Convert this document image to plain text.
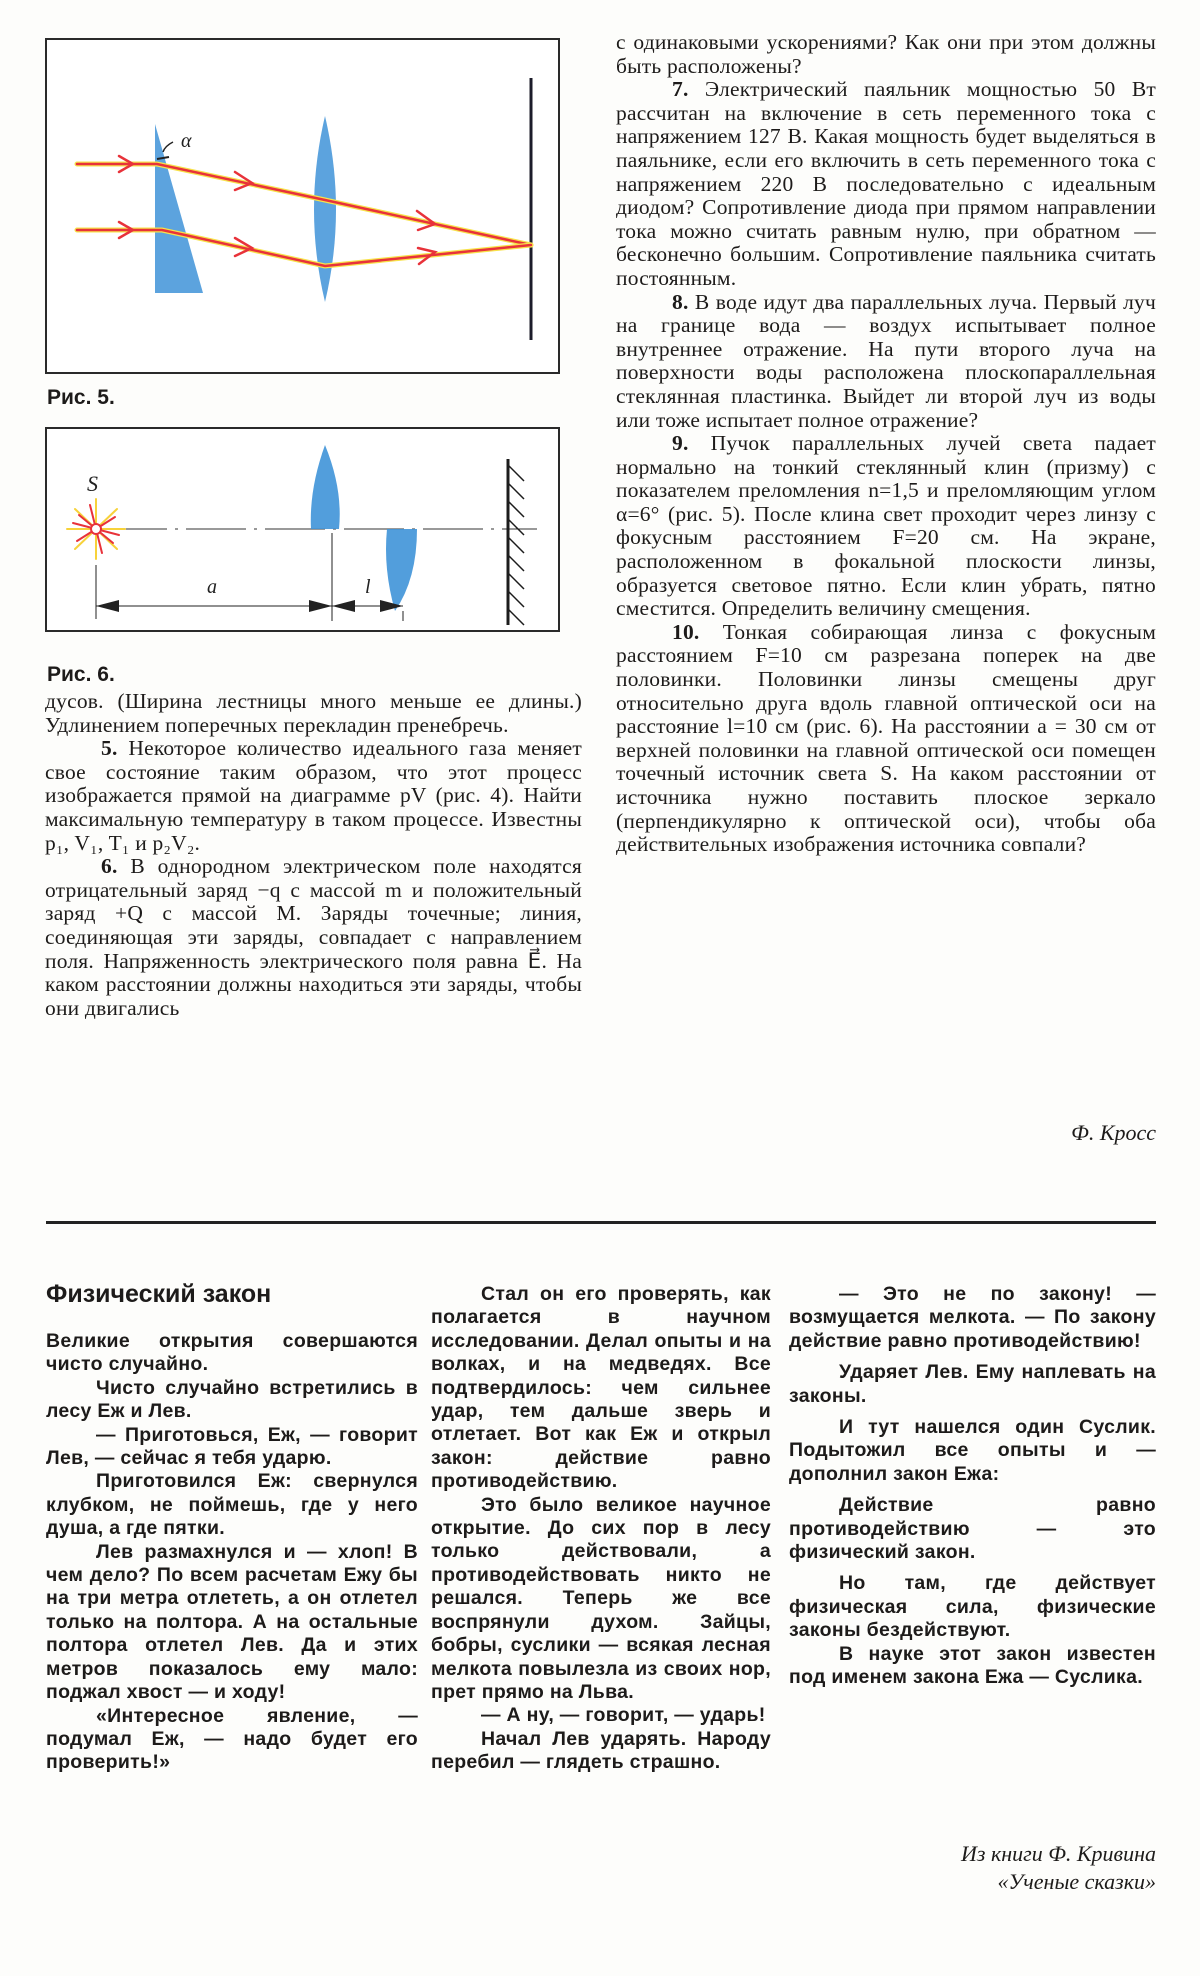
α
Рис. 5.
S
a	l
Рис. 6.

дусов. (Ширина лестницы много меньше ее длины.) Удлинением поперечных перекладин пренебречь.

5. Некоторое количество идеального газа меняет свое состояние таким образом, что этот процесс изображается прямой на диаграмме pV (рис. 4). Найти максимальную температуру в таком процессе. Известны p₁, V₁, T₁ и p₂V₂.

6. В однородном электрическом поле находятся отрицательный заряд −q с массой m и положительный заряд +Q с массой M. Заряды точечные; линия, соединяющая эти заряды, совпадает с направлением поля. Напряженность электрического поля равна E⃗. На каком расстоянии должны находиться эти заряды, чтобы они двигались

с одинаковыми ускорениями? Как они при этом должны быть расположены?

7. Электрический паяльник мощностью 50 Вт рассчитан на включение в сеть переменного тока с напряжением 127 В. Какая мощность будет выделяться в паяльнике, если его включить в сеть переменного тока с напряжением 220 В последовательно с идеальным диодом? Сопротивление диода при прямом направлении тока можно считать равным нулю, при обратном — бесконечно большим. Сопротивление паяльника считать постоянным.

8. В воде идут два параллельных луча. Первый луч на границе вода — воздух испытывает полное внутреннее отражение. На пути второго луча на поверхности воды расположена плоскопараллельная стеклянная пластинка. Выйдет ли второй луч из воды или тоже испытает полное отражение?

9. Пучок параллельных лучей света падает нормально на тонкий стеклянный клин (призму) с показателем преломления n=1,5 и преломляющим углом α=6° (рис. 5). После клина свет проходит через линзу с фокусным расстоянием F=20 см. На экране, расположенном в фокальной плоскости линзы, образуется световое пятно. Если клин убрать, пятно сместится. Определить величину смещения.

10. Тонкая собирающая линза с фокусным расстоянием F=10 см разрезана поперек на две половинки. Половинки линзы смещены друг относительно друга вдоль главной оптической оси на расстояние l=10 см (рис. 6). На расстоянии a = 30 см от верхней половинки на главной оптической оси помещен точечный источник света S. На каком расстоянии от источника нужно поставить плоское зеркало (перпендикулярно к оптической оси), чтобы оба действительных изображения источника совпали?

Ф. Кросс
Физический закон

Великие открытия совершаются чисто случайно.

Чисто случайно встретились в лесу Еж и Лев.

— Приготовься, Еж, — говорит Лев, — сейчас я тебя ударю.

Приготовился Еж: свернулся клубком, не поймешь, где у него душа, а где пятки.

Лев размахнулся и — хлоп! В чем дело? По всем расчетам Ежу бы на три метра отлететь, а он отлетел только на полтора. А на остальные полтора отлетел Лев. Да и этих метров показалось ему мало: поджал хвост — и ходу!

«Интересное явление, — подумал Еж, — надо будет его проверить!»

Стал он его проверять, как полагается в научном исследовании. Делал опыты и на волках, и на медведях. Все подтвердилось: чем сильнее удар, тем дальше зверь и отлетает. Вот как Еж и открыл закон: действие равно противодействию.

Это было великое научное открытие. До сих пор в лесу только действовали, а противодействовать никто не решался. Теперь же все воспрянули духом. Зайцы, бобры, суслики — всякая лесная мелкота повылезла из своих нор, прет прямо на Льва.

— А ну, — говорит, — ударь!

Начал Лев ударять. Народу перебил — глядеть страшно.

— Это не по закону! — возмущается мелкота. — По закону действие равно противодействию!

Ударяет Лев. Ему наплевать на законы.

И тут нашелся один Суслик. Подытожил все опыты и — дополнил закон Ежа:

Действие равно противодействию — это физический закон.

Но там, где действует физическая сила, физические законы бездействуют.

В науке этот закон известен под именем закона Ежа — Суслика.

Из книги Ф. Кривина
«Ученые сказки»
